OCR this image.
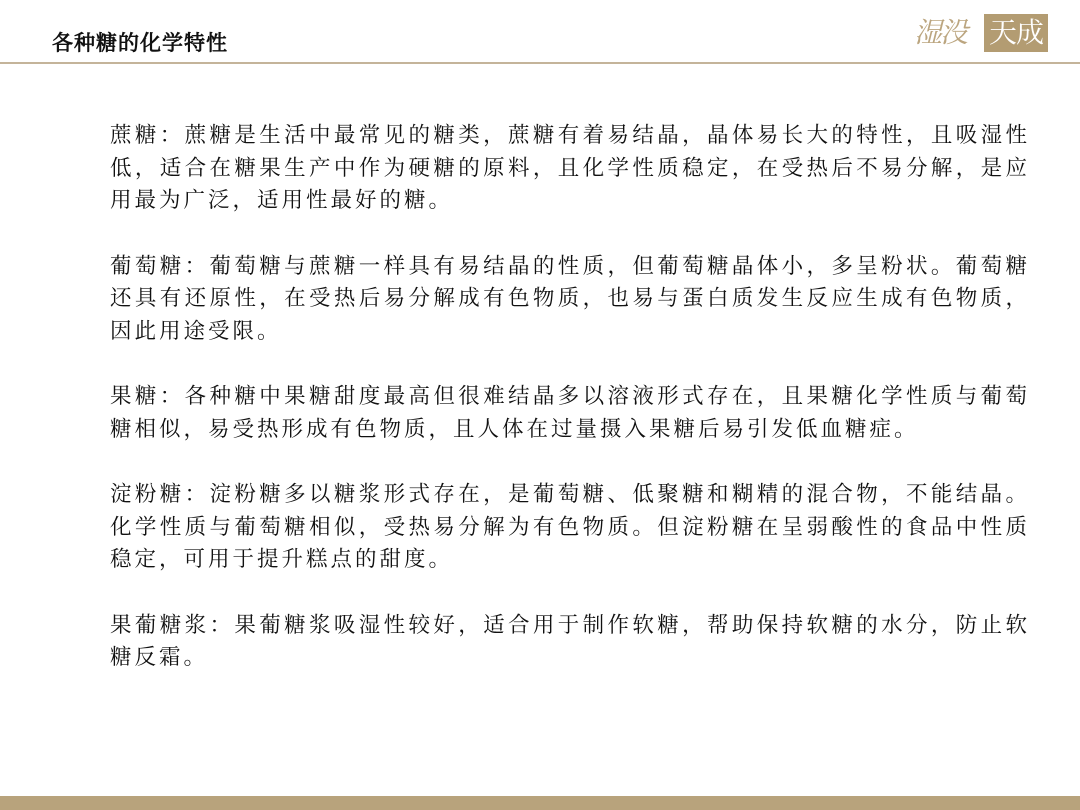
各种糖的化学特性	湿没 天成

蔗糖：蔗糖是生活中最常见的糖类，蔗糖有着易结晶，晶体易长大的特性，且吸湿性低，适合在糖果生产中作为硬糖的原料，且化学性质稳定，在受热后不易分解，是应用最为广泛，适用性最好的糖。

葡萄糖：葡萄糖与蔗糖一样具有易结晶的性质，但葡萄糖晶体小，多呈粉状。葡萄糖还具有还原性，在受热后易分解成有色物质，也易与蛋白质发生反应生成有色物质，因此用途受限。

果糖：各种糖中果糖甜度最高但很难结晶多以溶液形式存在，且果糖化学性质与葡萄糖相似，易受热形成有色物质，且人体在过量摄入果糖后易引发低血糖症。

淀粉糖：淀粉糖多以糖浆形式存在，是葡萄糖、低聚糖和糊精的混合物，不能结晶。化学性质与葡萄糖相似，受热易分解为有色物质。但淀粉糖在呈弱酸性的食品中性质稳定，可用于提升糕点的甜度。

果葡糖浆：果葡糖浆吸湿性较好，适合用于制作软糖，帮助保持软糖的水分，防止软糖反霜。
